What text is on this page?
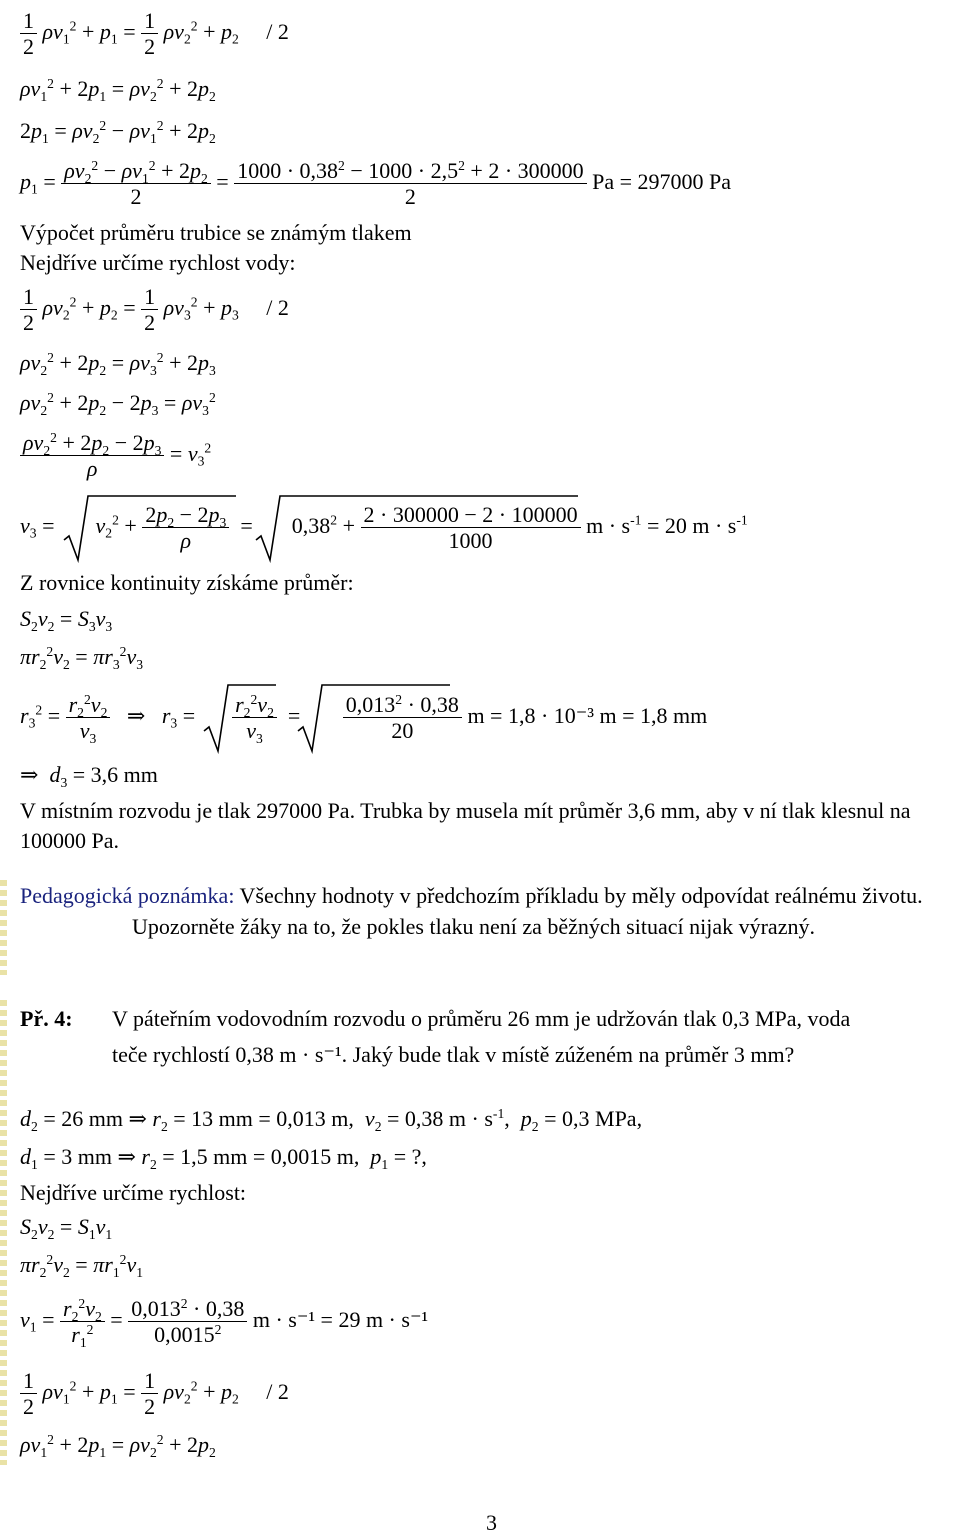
$\frac{1}{2} \rho v_1^2 + p_1 = \frac{1}{2} \rho v_2^2 + p_2$     / 2
$\rho v_1^2 + 2p_1 = \rho v_2^2 + 2p_2$
$2p_1 = \rho v_2^2 - \rho v_1^2 + 2p_2$
$p_1 = \frac{\rho v_2^2 - \rho v_1^2 + 2p_2}{2} = \frac{1000 \cdot 0,38^2 - 1000 \cdot 2,5^2 + 2 \cdot 300000}{2}$ Pa = 297000 Pa
Výpočet průměru trubice se známým tlakem
Nejdříve určíme rychlost vody:
$\frac{1}{2} \rho v_2^2 + p_2 = \frac{1}{2} \rho v_3^2 + p_3$     / 2
$\rho v_2^2 + 2p_2 = \rho v_3^2 + 2p_3$
$\rho v_2^2 + 2p_2 - 2p_3 = \rho v_3^2$
$\frac{\rho v_2^2 + 2p_2 - 2p_3}{\rho} = v_3^2$
$v_3 = v_2^2 + \frac{2p_2 - 2p_3}{\rho} = 0,38^2 + \frac{2 \cdot 300000 - 2 \cdot 100000}{1000}$ $m \cdot s^{-1} = 20$ $m \cdot s^{-1}$
Z rovnice kontinuity získáme průměr:
$S_2v_2 = S_3v_3$
$\pi r_2^2v_2 = \pi r_3^2v_3$
$r_3^2 = \frac{r_2^2v_2}{v_3}$ ⇒   $r_3 = \frac{r_2^2v_2}{v_3} = \frac{0,013^2 \cdot 0,38}{20}$ m = 1,8 · 10⁻³ m = 1,8 mm
⇒  $d_3 = 3,6$ mm
V místním rozvodu je tlak 297000 Pa. Trubka by musela mít průměr 3,6 mm, aby v ní tlak klesnul na 100000 Pa.
Pedagogická poznámka: Všechny hodnoty v předchozím příkladu by měly odpovídat reálnému životu. Upozorněte žáky na to, že pokles tlaku není za běžných situací nijak výrazný.
Př. 4: V páteřním vodovodním rozvodu o průměru 26 mm je udržován tlak 0,3 MPa, voda
teče rychlostí 0,38 m · s⁻¹. Jaký bude tlak v místě zúženém na průměr 3 mm?
$d_2 = 26$ mm ⇒ $r_2 = 13$ mm = 0,013 m,  $v_2 = 0,38$ $m \cdot s^{-1}$,  $p_2 = 0,3$ MPa,
$d_1 = 3$ mm ⇒ $r_2 = 1,5$ mm = 0,0015 m,  $p_1$ = ?,
Nejdříve určíme rychlost:
$S_2v_2 = S_1v_1$
$\pi r_2^2v_2 = \pi r_1^2v_1$
$v_1 = \frac{r_2^2v_2}{r_1^2} = \frac{0,013^2 \cdot 0,38}{0,0015^2}$ m · s⁻¹ = 29 m · s⁻¹
$\frac{1}{2} \rho v_1^2 + p_1 = \frac{1}{2} \rho v_2^2 + p_2$     / 2
$\rho v_1^2 + 2p_1 = \rho v_2^2 + 2p_2$
3
